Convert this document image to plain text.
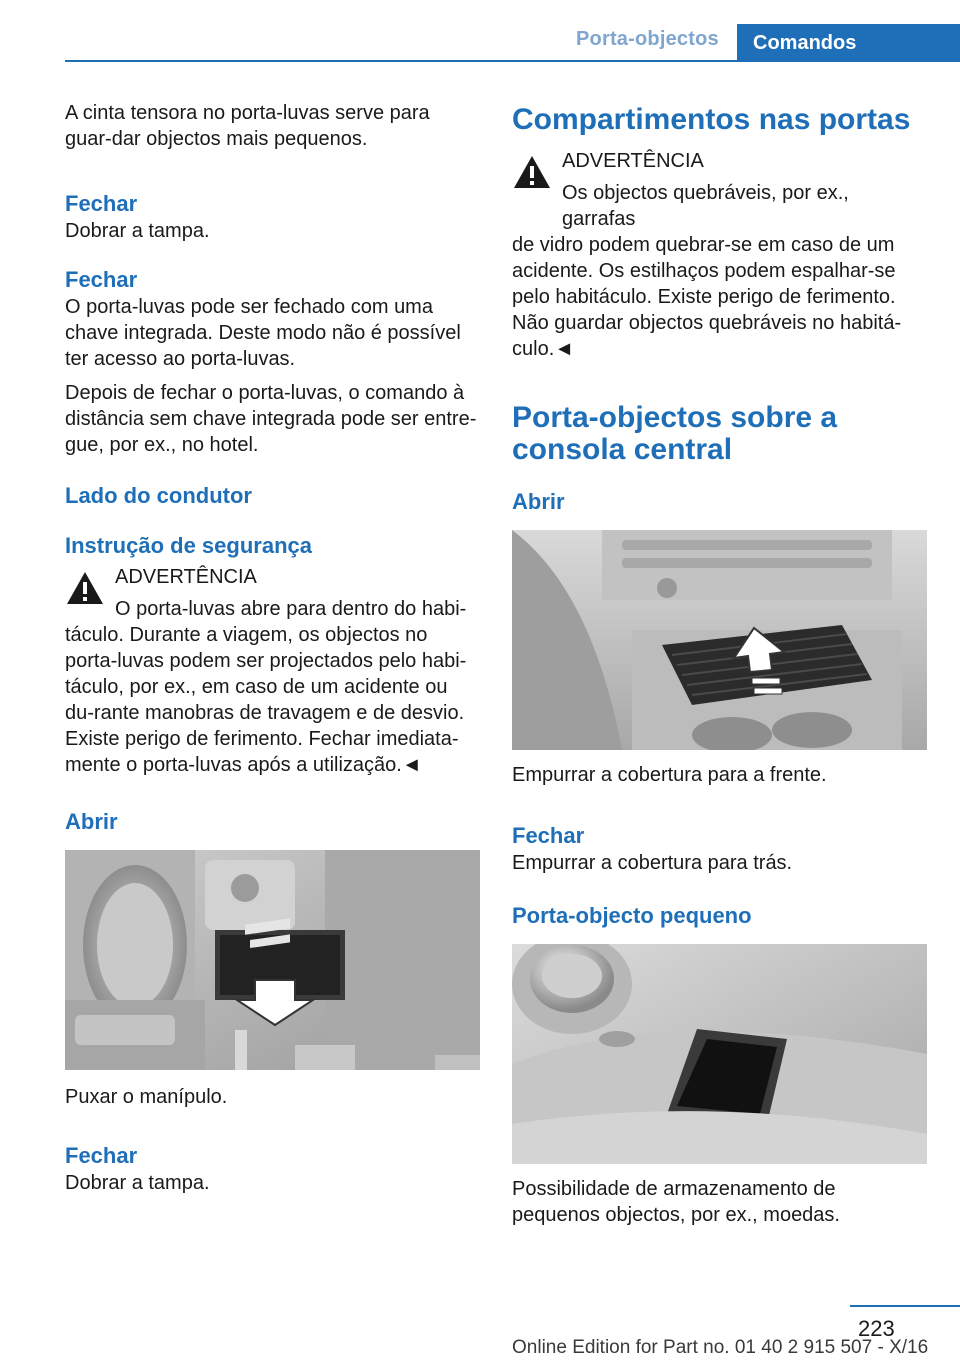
Porta-objectos	Comandos

A cinta tensora no porta-luvas serve para guar-dar objectos mais pequenos.

Fechar

Dobrar a tampa.

Fechar

O porta-luvas pode ser fechado com uma chave integrada. Deste modo não é possível ter acesso ao porta-luvas.

Depois de fechar o porta-luvas, o comando à distância sem chave integrada pode ser entre-gue, por ex., no hotel.

Lado do condutor
Instrução de segurança

ADVERTÊNCIA

O porta-luvas abre para dentro do habi-

táculo. Durante a viagem, os objectos no porta-luvas podem ser projectados pelo habi-táculo, por ex., em caso de um acidente ou du-rante manobras de travagem e de desvio. Existe perigo de ferimento. Fechar imediata-mente o porta-luvas após a utilização.◄

Abrir

Puxar o manípulo.

Fechar

Dobrar a tampa.

Compartimentos nas portas

ADVERTÊNCIA

Os objectos quebráveis, por ex., garrafas

de vidro podem quebrar-se em caso de um acidente. Os estilhaços podem espalhar-se pelo habitáculo. Existe perigo de ferimento. Não guardar objectos quebráveis no habitá-culo.◄

Porta-objectos sobre a consola central
Abrir

Empurrar a cobertura para a frente.

Fechar

Empurrar a cobertura para trás.

Porta-objecto pequeno

Possibilidade de armazenamento de pequenos objectos, por ex., moedas.

223
Online Edition for Part no. 01 40 2 915 507 - X/16
